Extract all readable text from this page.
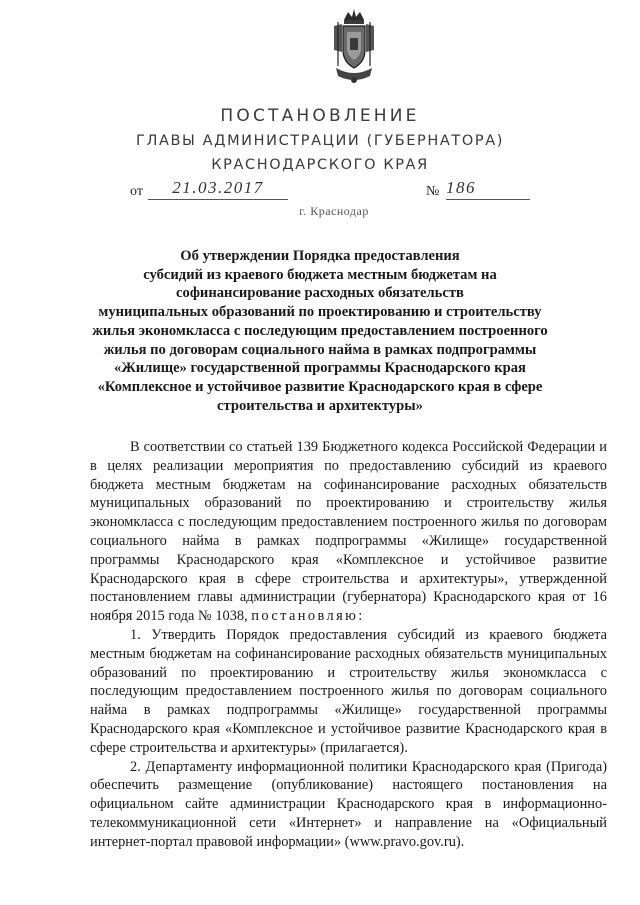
ПОСТАНОВЛЕНИЕ
ГЛАВЫ АДМИНИСТРАЦИИ (ГУБЕРНАТОРА)
КРАСНОДАРСКОГО КРАЯ
от	21.03.2017	№ 186
г. Краснодар
Об утверждении Порядка предоставления
субсидий из краевого бюджета местным бюджетам на
софинансирование расходных обязательств
муниципальных образований по проектированию и строительству
жилья экономкласса с последующим предоставлением построенного
жилья по договорам социального найма в рамках подпрограммы
«Жилище» государственной программы Краснодарского края
«Комплексное и устойчивое развитие Краснодарского края в сфере
строительства и архитектуры»

В соответствии со статьей 139 Бюджетного кодекса Российской Федерации и в целях реализации мероприятия по предоставлению субсидий из краевого бюджета местным бюджетам на софинансирование расходных обязательств муниципальных образований по проектированию и строительству жилья экономкласса с последующим предоставлением построенного жилья по договорам социального найма в рамках подпрограммы «Жилище» государственной программы Краснодарского края «Комплексное и устойчивое развитие Краснодарского края в сфере строительства и архитектуры», утвержденной постановлением главы администрации (губернатора) Краснодарского края от 16 ноября 2015 года № 1038, постановляю:

1. Утвердить Порядок предоставления субсидий из краевого бюджета местным бюджетам на софинансирование расходных обязательств муниципальных образований по проектированию и строительству жилья экономкласса с последующим предоставлением построенного жилья по договорам социального найма в рамках подпрограммы «Жилище» государственной программы Краснодарского края «Комплексное и устойчивое развитие Краснодарского края в сфере строительства и архитектуры» (прилагается).

2. Департаменту информационной политики Краснодарского края (Пригода) обеспечить размещение (опубликование) настоящего постановления на официальном сайте администрации Краснодарского края в информационно-телекоммуникационной сети «Интернет» и направление на «Официальный интернет-портал правовой информации» (www.pravo.gov.ru).
